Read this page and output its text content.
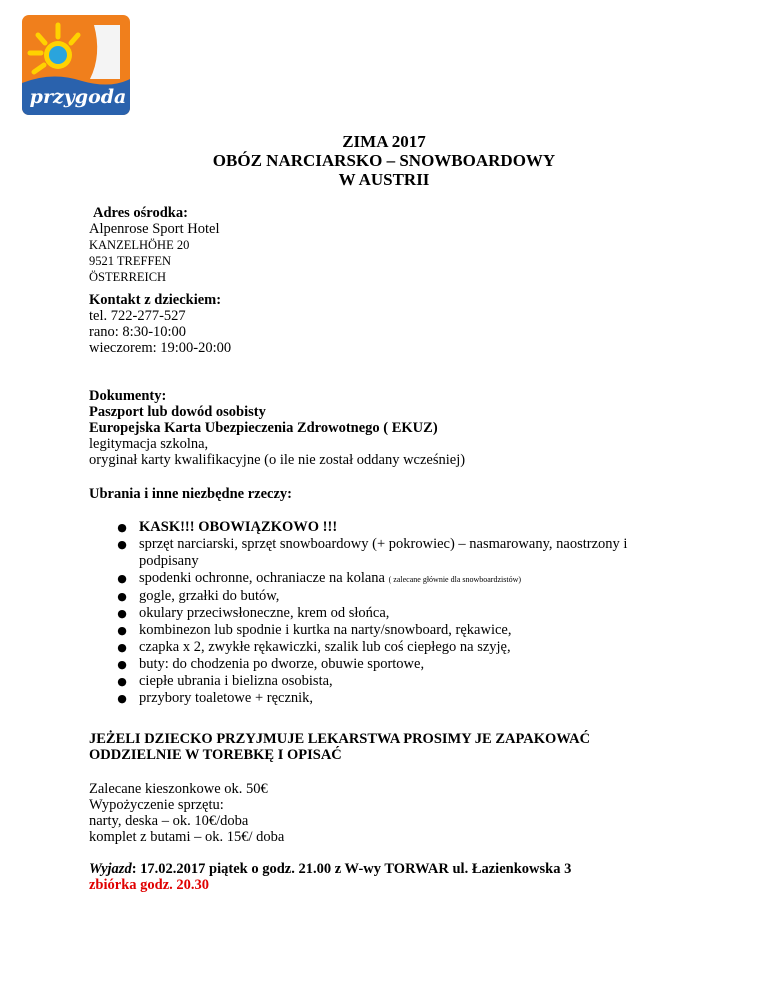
przygoda
ZIMA 2017
OBÓZ NARCIARSKO – SNOWBOARDOWY
W AUSTRII
Adres ośrodka:
Alpenrose Sport Hotel
KANZELHÖHE 20
9521 TREFFEN
ÖSTERREICH
Kontakt z dzieckiem:
tel. 722-277-527
rano: 8:30-10:00
wieczorem: 19:00-20:00
Dokumenty:
Paszport lub dowód osobisty
Europejska Karta Ubezpieczenia Zdrowotnego ( EKUZ)
legitymacja szkolna,
oryginał karty kwalifikacyjne (o ile nie został oddany wcześniej)
Ubrania i inne niezbędne rzeczy:
● KASK!!! OBOWIĄZKOWO !!!
● sprzęt narciarski, sprzęt snowboardowy (+ pokrowiec) – nasmarowany, naostrzony i
podpisany
● spodenki ochronne, ochraniacze na kolana ( zalecane głównie dla snowboardzistów)
● gogle, grzałki do butów,
● okulary przeciwsłoneczne, krem od słońca,
● kombinezon lub spodnie i kurtka na narty/snowboard, rękawice,
● czapka x 2, zwykłe rękawiczki, szalik lub coś ciepłego na szyję,
● buty: do chodzenia po dworze, obuwie sportowe,
● ciepłe ubrania i bielizna osobista,
● przybory toaletowe + ręcznik,
JEŻELI DZIECKO PRZYJMUJE LEKARSTWA PROSIMY JE ZAPAKOWAĆ
ODDZIELNIE W TOREBKĘ I OPISAĆ
Zalecane kieszonkowe ok. 50€
Wypożyczenie sprzętu:
narty, deska – ok. 10€/doba
komplet z butami – ok. 15€/ doba
Wyjazd: 17.02.2017 piątek o godz. 21.00 z W-wy TORWAR ul. Łazienkowska 3
zbiórka godz. 20.30
